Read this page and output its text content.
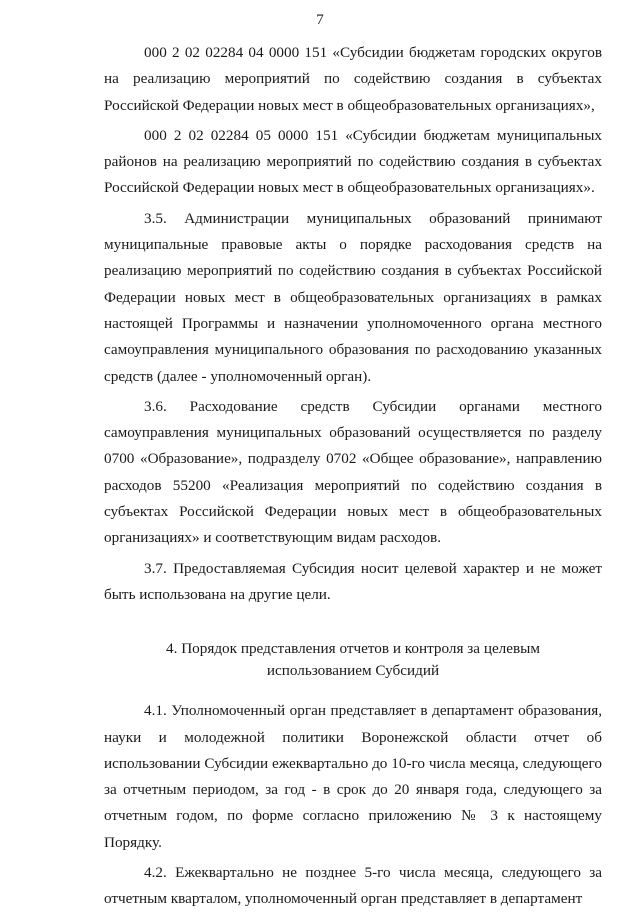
7

000 2 02 02284 04 0000 151 «Субсидии бюджетам городских округов на реализацию мероприятий по содействию создания в субъектах Российской Федерации новых мест в общеобразовательных организациях»,

000 2 02 02284 05 0000 151 «Субсидии бюджетам муниципальных районов на реализацию мероприятий по содействию создания в субъектах Российской Федерации новых мест в общеобразовательных организациях».

3.5. Администрации муниципальных образований принимают муниципальные правовые акты о порядке расходования средств на реализацию мероприятий по содействию создания в субъектах Российской Федерации новых мест в общеобразовательных организациях в рамках настоящей Программы и назначении уполномоченного органа местного самоуправления муниципального образования по расходованию указанных средств (далее - уполномоченный орган).

3.6. Расходование средств Субсидии органами местного самоуправления муниципальных образований осуществляется по разделу 0700 «Образование», подразделу 0702 «Общее образование», направлению расходов 55200 «Реализация мероприятий по содействию создания в субъектах Российской Федерации новых мест в общеобразовательных организациях» и соответствующим видам расходов.

3.7. Предоставляемая Субсидия носит целевой характер и не может быть использована на другие цели.

4. Порядок представления отчетов и контроля за целевым
использованием Субсидий

4.1. Уполномоченный орган представляет в департамент образования, науки и молодежной политики Воронежской области отчет об использовании Субсидии ежеквартально до 10-го числа месяца, следующего за отчетным периодом, за год - в срок до 20 января года, следующего за отчетным годом, по форме согласно приложению № 3 к настоящему Порядку.

4.2. Ежеквартально не позднее 5-го числа месяца, следующего за отчетным кварталом, уполномоченный орган представляет в департамент
